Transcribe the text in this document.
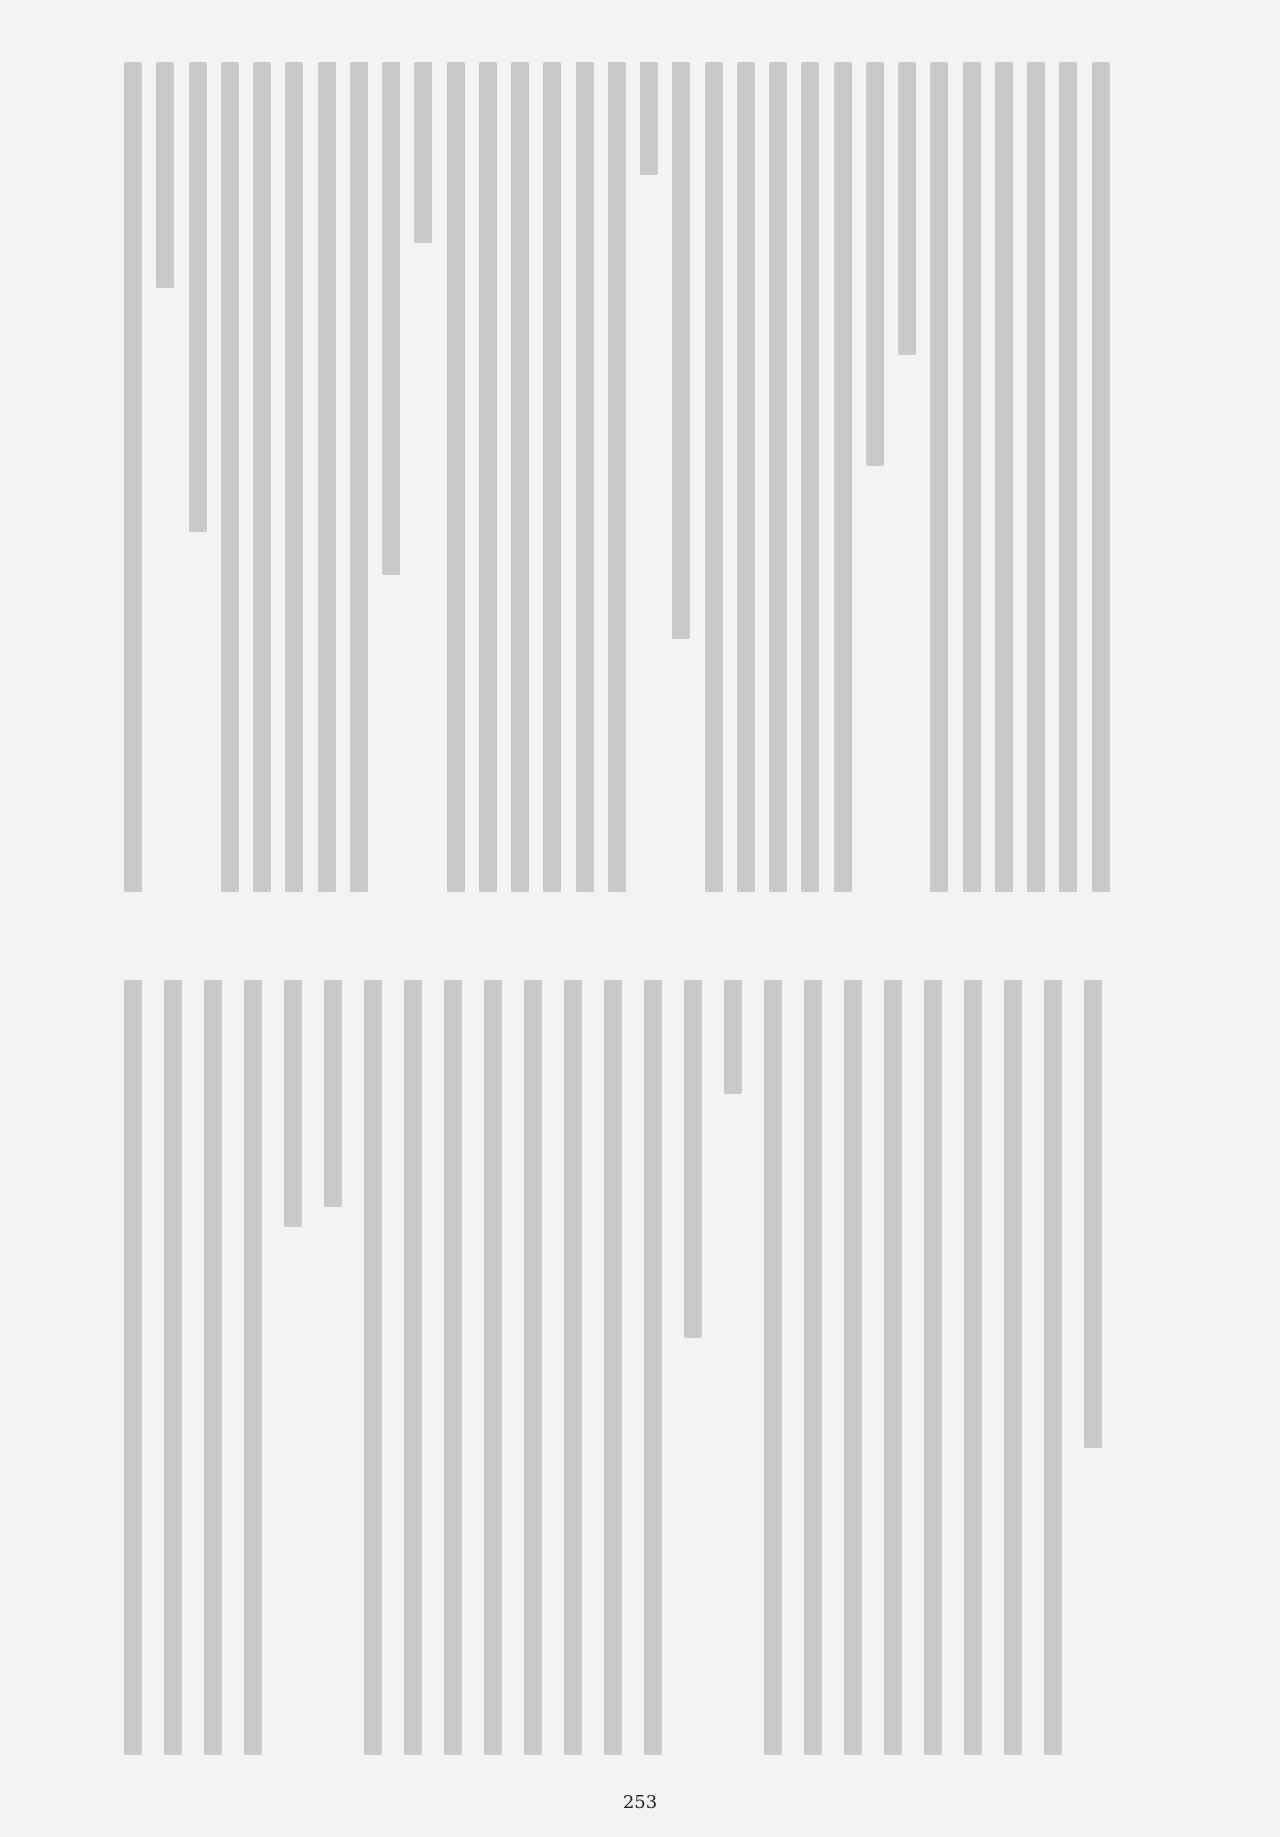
253
